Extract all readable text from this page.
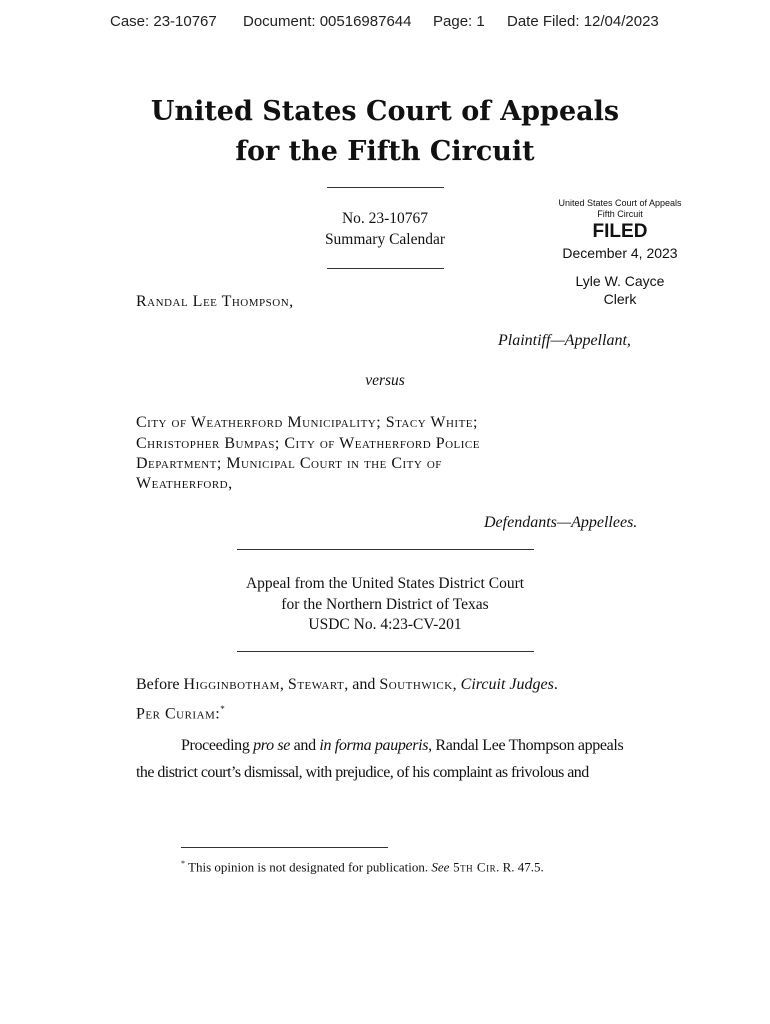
Case: 23-10767 Document: 00516987644 Page: 1 Date Filed: 12/04/2023
United States Court of Appeals
for the Fifth Circuit
No. 23-10767
Summary Calendar
United States Court of Appeals
Fifth Circuit
FILED
December 4, 2023
Lyle W. Cayce
Clerk
Randal Lee Thompson,
Plaintiff—Appellant,
versus
City of Weatherford Municipality; Stacy White;
Christopher Bumpas; City of Weatherford Police
Department; Municipal Court in the City of
Weatherford,
Defendants—Appellees.
Appeal from the United States District Court
for the Northern District of Texas
USDC No. 4:23-CV-201
Before Higginbotham, Stewart, and Southwick, Circuit Judges.
Per Curiam:*
Proceeding pro se and in forma pauperis, Randal Lee Thompson appeals
the district court’s dismissal, with prejudice, of his complaint as frivolous and
* This opinion is not designated for publication. See 5th Cir. R. 47.5.
